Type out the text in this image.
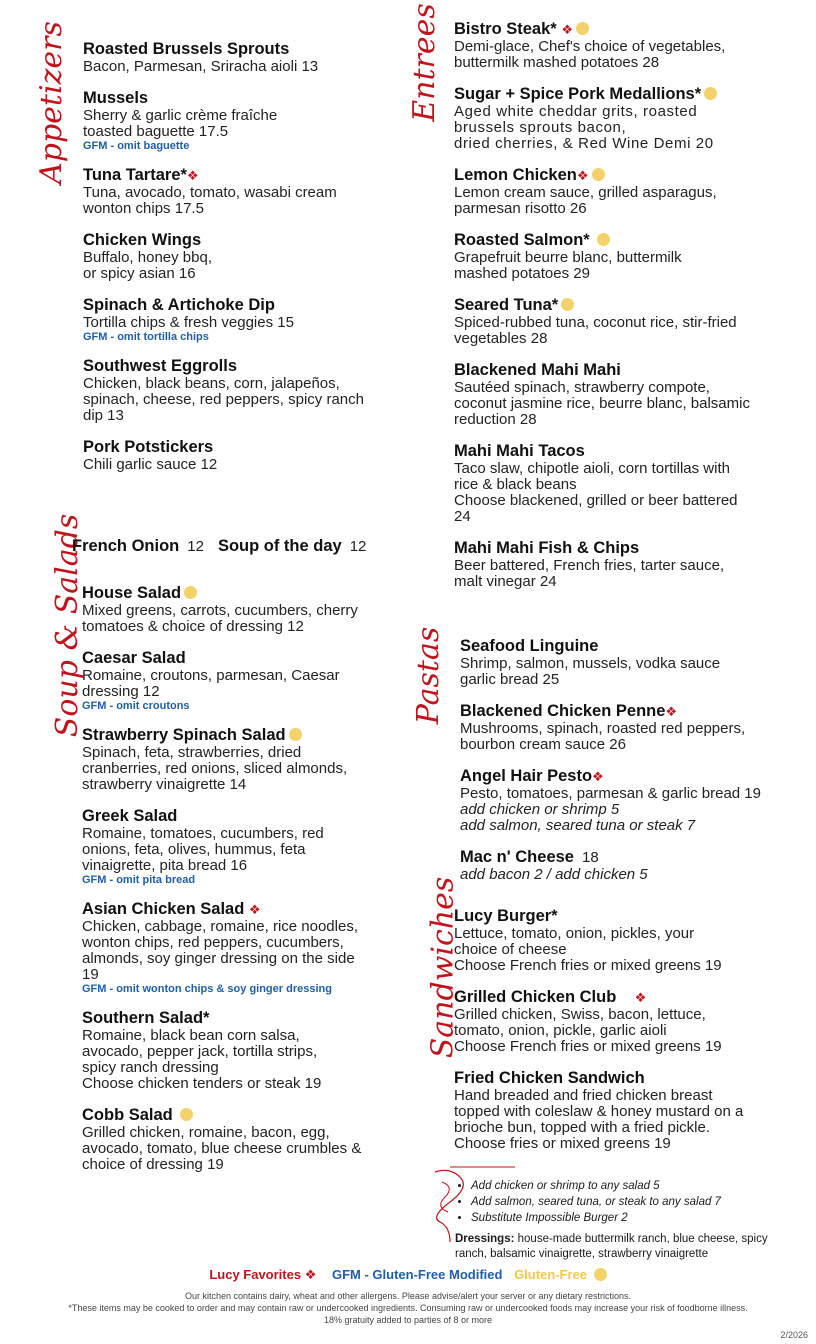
Appetizers	Entrees
Soup & Salads	Pastas
Sandwiches
Roasted Brussels Sprouts
Bacon, Parmesan, Sriracha aioli 13
Mussels
Sherry & garlic crème fraîche
toasted baguette 17.5
GFM - omit baguette
Tuna Tartare*❖
Tuna, avocado, tomato, wasabi cream
wonton chips 17.5
Chicken Wings
Buffalo, honey bbq,
or spicy asian 16
Spinach & Artichoke Dip
Tortilla chips & fresh veggies 15
GFM - omit tortilla chips
Southwest Eggrolls
Chicken, black beans, corn, jalapeños,
spinach, cheese, red peppers, spicy ranch
dip 13
Pork Potstickers
Chili garlic sauce 12
French Onion 12 Soup of the day 12
House Salad
Mixed greens, carrots, cucumbers, cherry
tomatoes & choice of dressing 12
Caesar Salad
Romaine, croutons, parmesan, Caesar
dressing 12
GFM - omit croutons
Strawberry Spinach Salad
Spinach, feta, strawberries, dried
cranberries, red onions, sliced almonds,
strawberry vinaigrette 14
Greek Salad
Romaine, tomatoes, cucumbers, red
onions, feta, olives, hummus, feta
vinaigrette, pita bread 16
GFM - omit pita bread
Asian Chicken Salad ❖
Chicken, cabbage, romaine, rice noodles,
wonton chips, red peppers, cucumbers,
almonds, soy ginger dressing on the side
19
GFM - omit wonton chips & soy ginger dressing
Southern Salad*
Romaine, black bean corn salsa,
avocado, pepper jack, tortilla strips,
spicy ranch dressing
Choose chicken tenders or steak 19
Cobb Salad
Grilled chicken, romaine, bacon, egg,
avocado, tomato, blue cheese crumbles &
choice of dressing 19
Bistro Steak* ❖
Demi-glace, Chef's choice of vegetables,
buttermilk mashed potatoes 28
Sugar + Spice Pork Medallions*
Aged white cheddar grits, roasted
brussels sprouts bacon,
dried cherries, & Red Wine Demi 20
Lemon Chicken❖
Lemon cream sauce, grilled asparagus,
parmesan risotto 26
Roasted Salmon*
Grapefruit beurre blanc, buttermilk
mashed potatoes 29
Seared Tuna*
Spiced-rubbed tuna, coconut rice, stir-fried
vegetables 28
Blackened Mahi Mahi
Sautéed spinach, strawberry compote,
coconut jasmine rice, beurre blanc, balsamic
reduction 28
Mahi Mahi Tacos
Taco slaw, chipotle aioli, corn tortillas with
rice & black beans
Choose blackened, grilled or beer battered
24
Mahi Mahi Fish & Chips
Beer battered, French fries, tarter sauce,
malt vinegar 24
Seafood Linguine
Shrimp, salmon, mussels, vodka sauce
garlic bread 25
Blackened Chicken Penne❖
Mushrooms, spinach, roasted red peppers,
bourbon cream sauce 26
Angel Hair Pesto❖
Pesto, tomatoes, parmesan & garlic bread 19
add chicken or shrimp 5
add salmon, seared tuna or steak 7
Mac n' Cheese 18
add bacon 2 / add chicken 5
Lucy Burger*
Lettuce, tomato, onion, pickles, your
choice of cheese
Choose French fries or mixed greens 19
Grilled Chicken Club ❖
Grilled chicken, Swiss, bacon, lettuce,
tomato, onion, pickle, garlic aioli
Choose French fries or mixed greens 19
Fried Chicken Sandwich
Hand breaded and fried chicken breast
topped with coleslaw & honey mustard on a
brioche bun, topped with a fried pickle.
Choose fries or mixed greens 19
• Add chicken or shrimp to any salad 5
• Add salmon, seared tuna, or steak to any salad 7
• Substitute Impossible Burger 2
Dressings: house-made buttermilk ranch, blue cheese, spicy ranch, balsamic vinaigrette, strawberry vinaigrette
Lucy Favorites ❖ GFM - Gluten-Free Modified Gluten-Free
Our kitchen contains dairy, wheat and other allergens. Please advise/alert your server or any dietary restrictions.
*These items may be cooked to order and may contain raw or undercooked ingredients. Consuming raw or undercooked foods may increase your risk of foodborne illness.
18% gratuity added to parties of 8 or more
2/2026
